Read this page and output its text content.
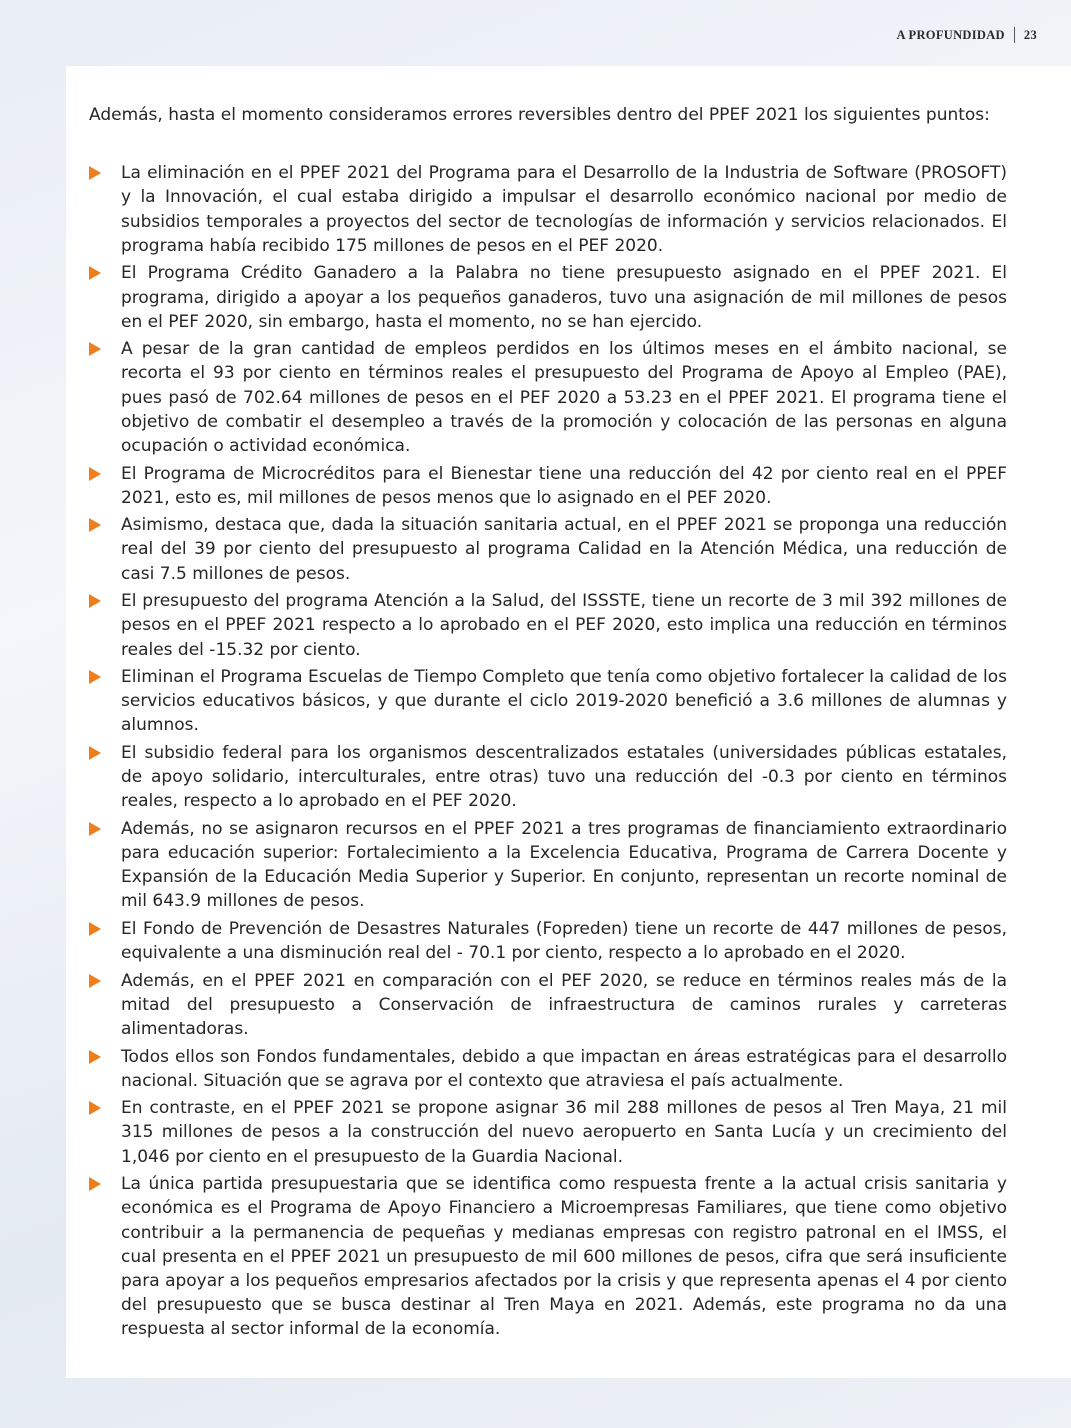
A PROFUNDIDAD 23

Además, hasta el momento consideramos errores reversibles dentro del PPEF 2021 los siguientes puntos:

La eliminación en el PPEF 2021 del Programa para el Desarrollo de la Industria de Software (PROSOFT) y la Innovación, el cual estaba dirigido a impulsar el desarrollo económico nacional por medio de subsidios temporales a proyectos del sector de tecnologías de información y servicios relacionados. El programa había recibido 175 millones de pesos en el PEF 2020.
El Programa Crédito Ganadero a la Palabra no tiene presupuesto asignado en el PPEF 2021. El programa, dirigido a apoyar a los pequeños ganaderos, tuvo una asignación de mil millones de pesos en el PEF 2020, sin embargo, hasta el momento, no se han ejercido.
A pesar de la gran cantidad de empleos perdidos en los últimos meses en el ámbito nacional, se recorta el 93 por ciento en términos reales el presupuesto del Programa de Apoyo al Empleo (PAE), pues pasó de 702.64 millones de pesos en el PEF 2020 a 53.23 en el PPEF 2021. El programa tiene el objetivo de combatir el desempleo a través de la promoción y colocación de las personas en alguna ocupación o actividad económica.
El Programa de Microcréditos para el Bienestar tiene una reducción del 42 por ciento real en el PPEF 2021, esto es, mil millones de pesos menos que lo asignado en el PEF 2020.
Asimismo, destaca que, dada la situación sanitaria actual, en el PPEF 2021 se proponga una reducción real del 39 por ciento del presupuesto al programa Calidad en la Atención Médica, una reducción de casi 7.5 millones de pesos.
El presupuesto del programa Atención a la Salud, del ISSSTE, tiene un recorte de 3 mil 392 millones de pesos en el PPEF 2021 respecto a lo aprobado en el PEF 2020, esto implica una reducción en términos reales del -15.32 por ciento.
Eliminan el Programa Escuelas de Tiempo Completo que tenía como objetivo fortalecer la calidad de los servicios educativos básicos, y que durante el ciclo 2019-2020 benefició a 3.6 millones de alumnas y alumnos.
El subsidio federal para los organismos descentralizados estatales (universidades públicas estatales, de apoyo solidario, interculturales, entre otras) tuvo una reducción del -0.3 por ciento en términos reales, respecto a lo aprobado en el PEF 2020.
Además, no se asignaron recursos en el PPEF 2021 a tres programas de financiamiento extraordinario para educación superior: Fortalecimiento a la Excelencia Educativa, Programa de Carrera Docente y Expansión de la Educación Media Superior y Superior. En conjunto, representan un recorte nominal de mil 643.9 millones de pesos.
El Fondo de Prevención de Desastres Naturales (Fopreden) tiene un recorte de 447 millones de pesos, equivalente a una disminución real del - 70.1 por ciento, respecto a lo aprobado en el 2020.
Además, en el PPEF 2021 en comparación con el PEF 2020, se reduce en términos reales más de la mitad del presupuesto a Conservación de infraestructura de caminos rurales y carreteras alimentadoras.
Todos ellos son Fondos fundamentales, debido a que impactan en áreas estratégicas para el desarrollo nacional. Situación que se agrava por el contexto que atraviesa el país actualmente.
En contraste, en el PPEF 2021 se propone asignar 36 mil 288 millones de pesos al Tren Maya, 21 mil 315 millones de pesos a la construcción del nuevo aeropuerto en Santa Lucía y un crecimiento del 1,046 por ciento en el presupuesto de la Guardia Nacional.
La única partida presupuestaria que se identifica como respuesta frente a la actual crisis sanitaria y económica es el Programa de Apoyo Financiero a Microempresas Familiares, que tiene como objetivo contribuir a la permanencia de pequeñas y medianas empresas con registro patronal en el IMSS, el cual presenta en el PPEF 2021 un presupuesto de mil 600 millones de pesos, cifra que será insuficiente para apoyar a los pequeños empresarios afectados por la crisis y que representa apenas el 4 por ciento del presupuesto que se busca destinar al Tren Maya en 2021. Además, este programa no da una respuesta al sector informal de la economía.
